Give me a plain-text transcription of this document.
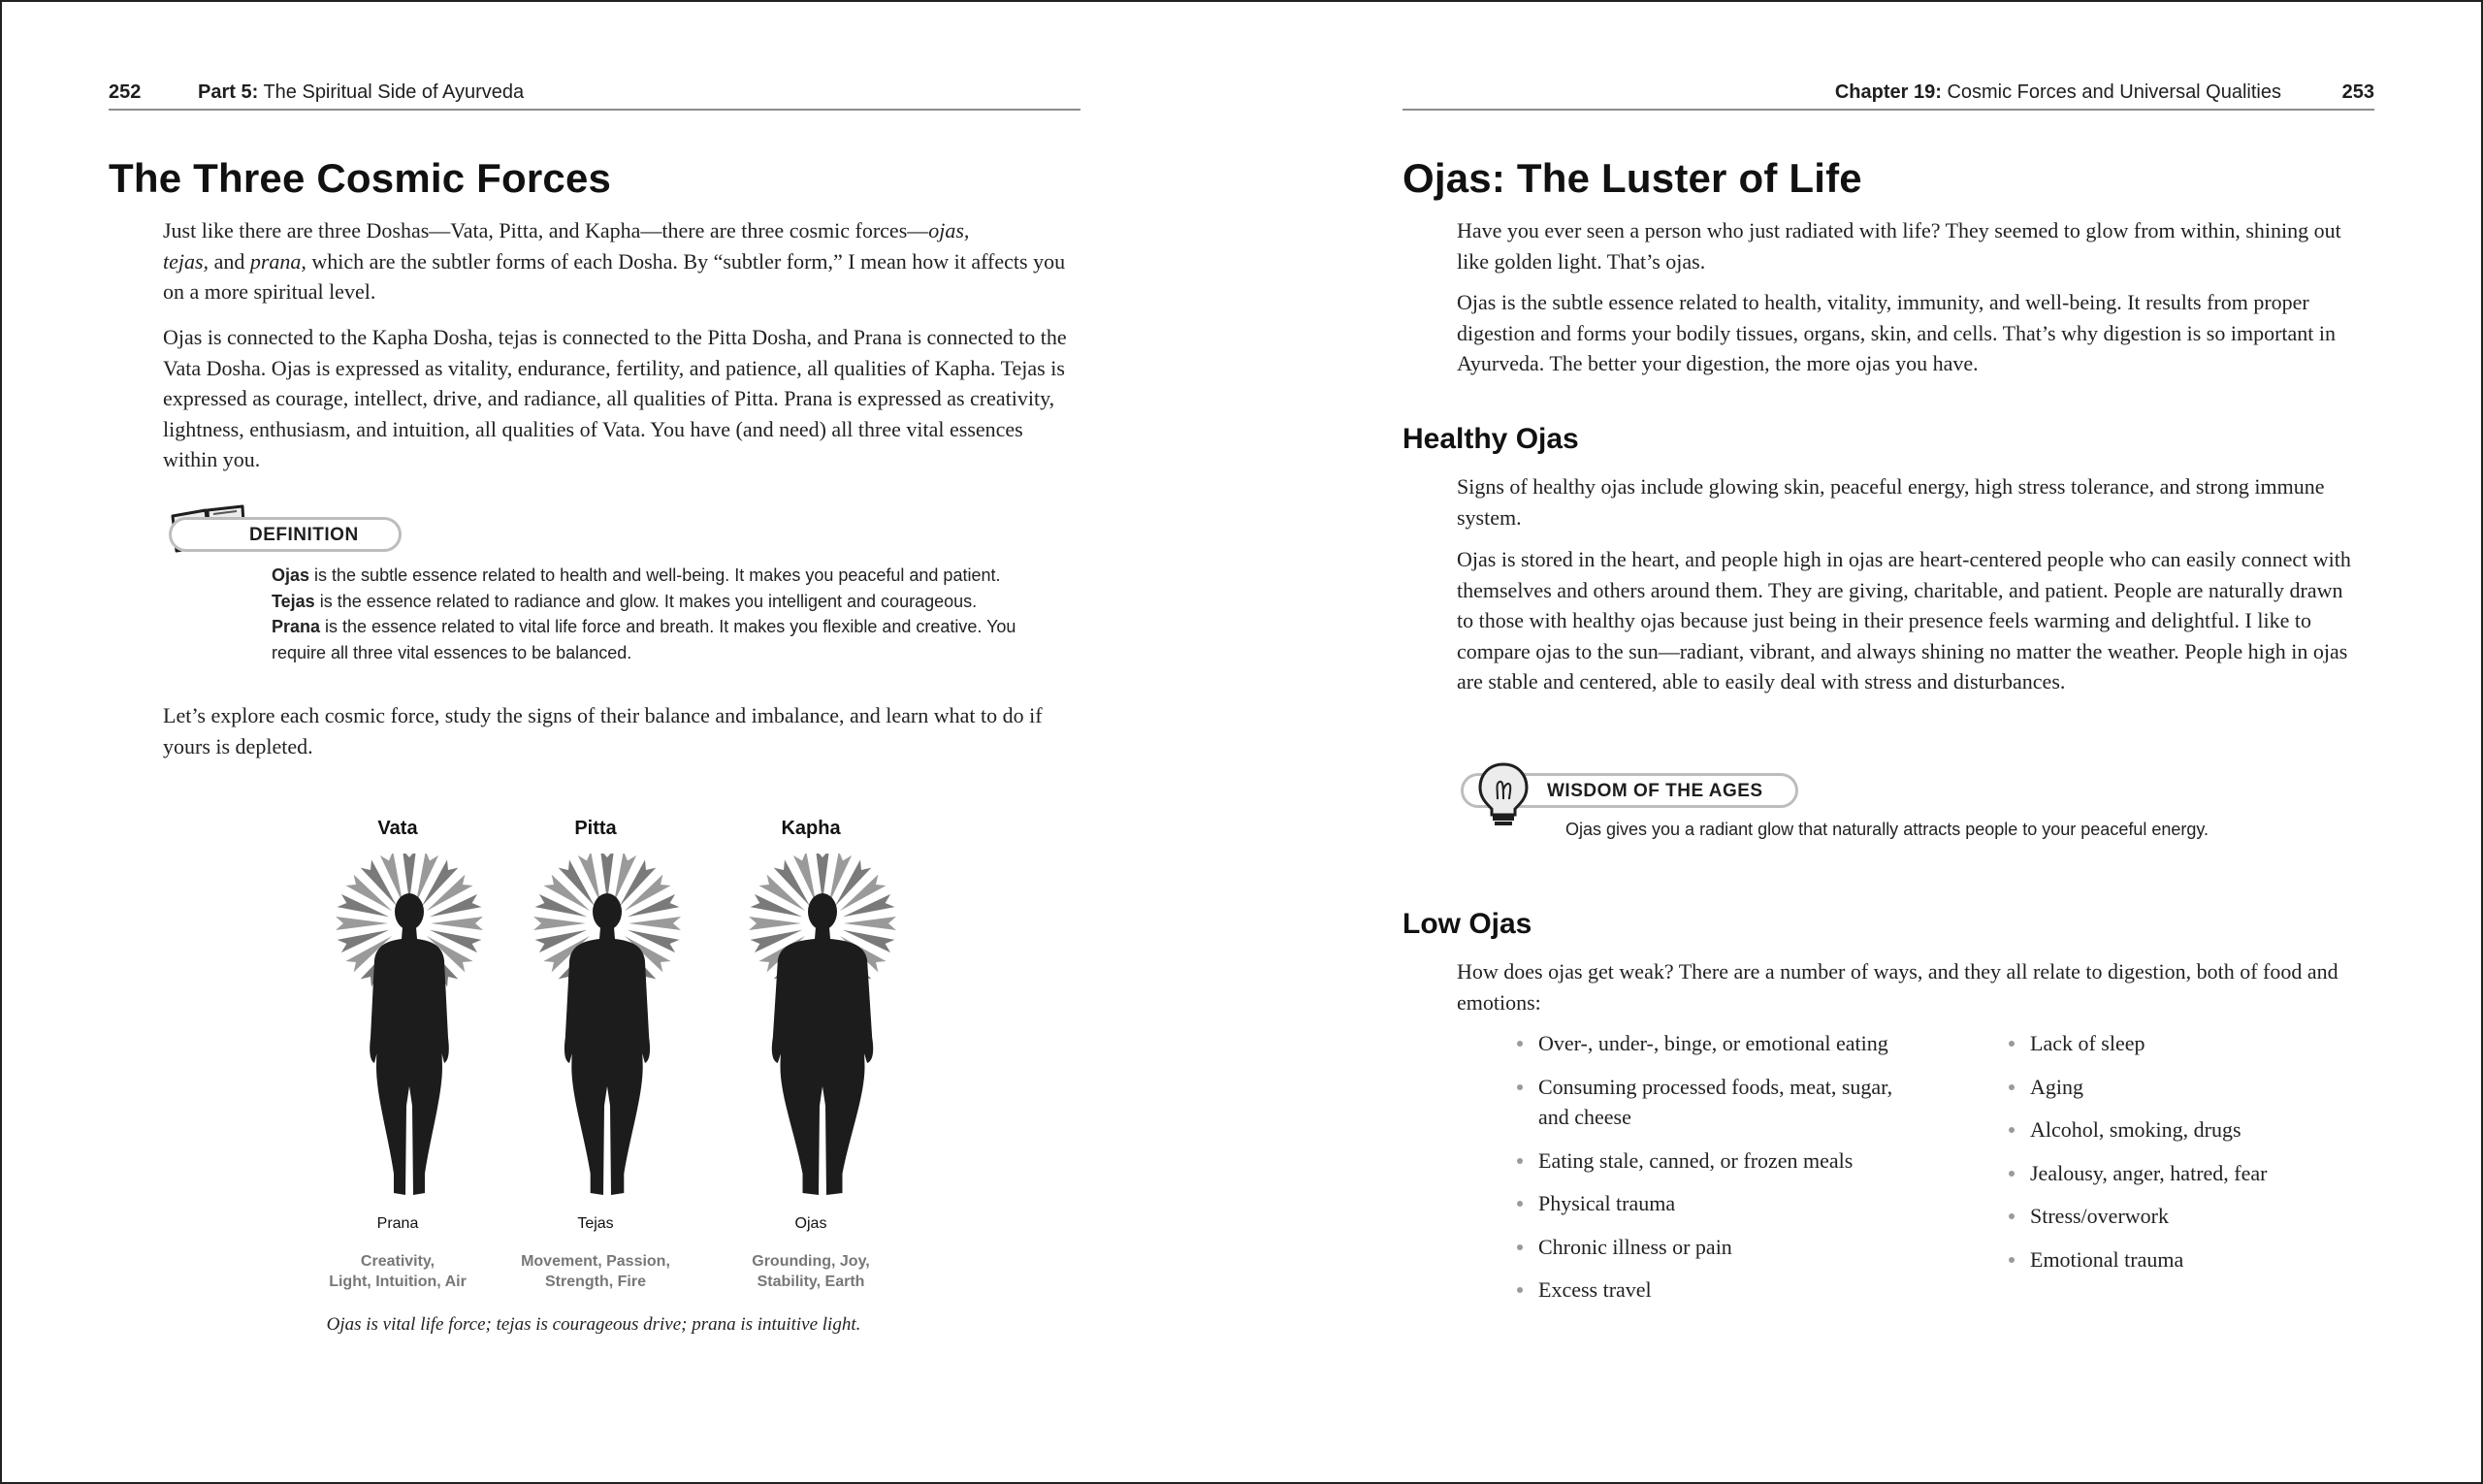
252	Part 5: The Spiritual Side of Ayurveda
The Three Cosmic Forces
Just like there are three Doshas—Vata, Pitta, and Kapha—there are three cosmic forces—ojas,
tejas, and prana, which are the subtler forms of each Dosha. By “subtler form,” I mean how it affects you on a more spiritual level.
Ojas is connected to the Kapha Dosha, tejas is connected to the Pitta Dosha, and Prana is connected to the Vata Dosha. Ojas is expressed as vitality, endurance, fertility, and patience, all qualities of Kapha. Tejas is expressed as courage, intellect, drive, and radiance, all qualities of Pitta. Prana is expressed as creativity, lightness, enthusiasm, and intuition, all qualities of Vata. You have (and need) all three vital essences within you.
DEFINITION
Ojas is the subtle essence related to health and well-being. It makes you peaceful and patient. Tejas is the essence related to radiance and glow. It makes you intelligent and courageous. Prana is the essence related to vital life force and breath. It makes you flexible and creative. You require all three vital essences to be balanced.
Let’s explore each cosmic force, study the signs of their balance and imbalance, and learn what to do if yours is depleted.
Vata	Pitta	Kapha
Prana	Tejas	Ojas
Creativity,
Light, Intuition, Air
Movement, Passion,
Strength, Fire
Grounding, Joy,
Stability, Earth
Ojas is vital life force; tejas is courageous drive; prana is intuitive light.
Chapter 19: Cosmic Forces and Universal Qualities	253
Ojas: The Luster of Life
Have you ever seen a person who just radiated with life? They seemed to glow from within, shining out like golden light. That’s ojas.
Ojas is the subtle essence related to health, vitality, immunity, and well-being. It results from proper digestion and forms your bodily tissues, organs, skin, and cells. That’s why digestion is so important in Ayurveda. The better your digestion, the more ojas you have.
Healthy Ojas
Signs of healthy ojas include glowing skin, peaceful energy, high stress tolerance, and strong immune system.
Ojas is stored in the heart, and people high in ojas are heart-centered people who can easily connect with themselves and others around them. They are giving, charitable, and patient. People are naturally drawn to those with healthy ojas because just being in their presence feels warming and delightful. I like to compare ojas to the sun—radiant, vibrant, and always shining no matter the weather. People high in ojas are stable and centered, able to easily deal with stress and disturbances.
WISDOM OF THE AGES
Ojas gives you a radiant glow that naturally attracts people to your peaceful energy.
Low Ojas
How does ojas get weak? There are a number of ways, and they all relate to digestion, both of food and emotions:
Over-, under-, binge, or emotional eating
Consuming processed foods, meat, sugar, and cheese
Eating stale, canned, or frozen meals
Physical trauma
Chronic illness or pain
Excess travel
Lack of sleep
Aging
Alcohol, smoking, drugs
Jealousy, anger, hatred, fear
Stress/overwork
Emotional trauma
